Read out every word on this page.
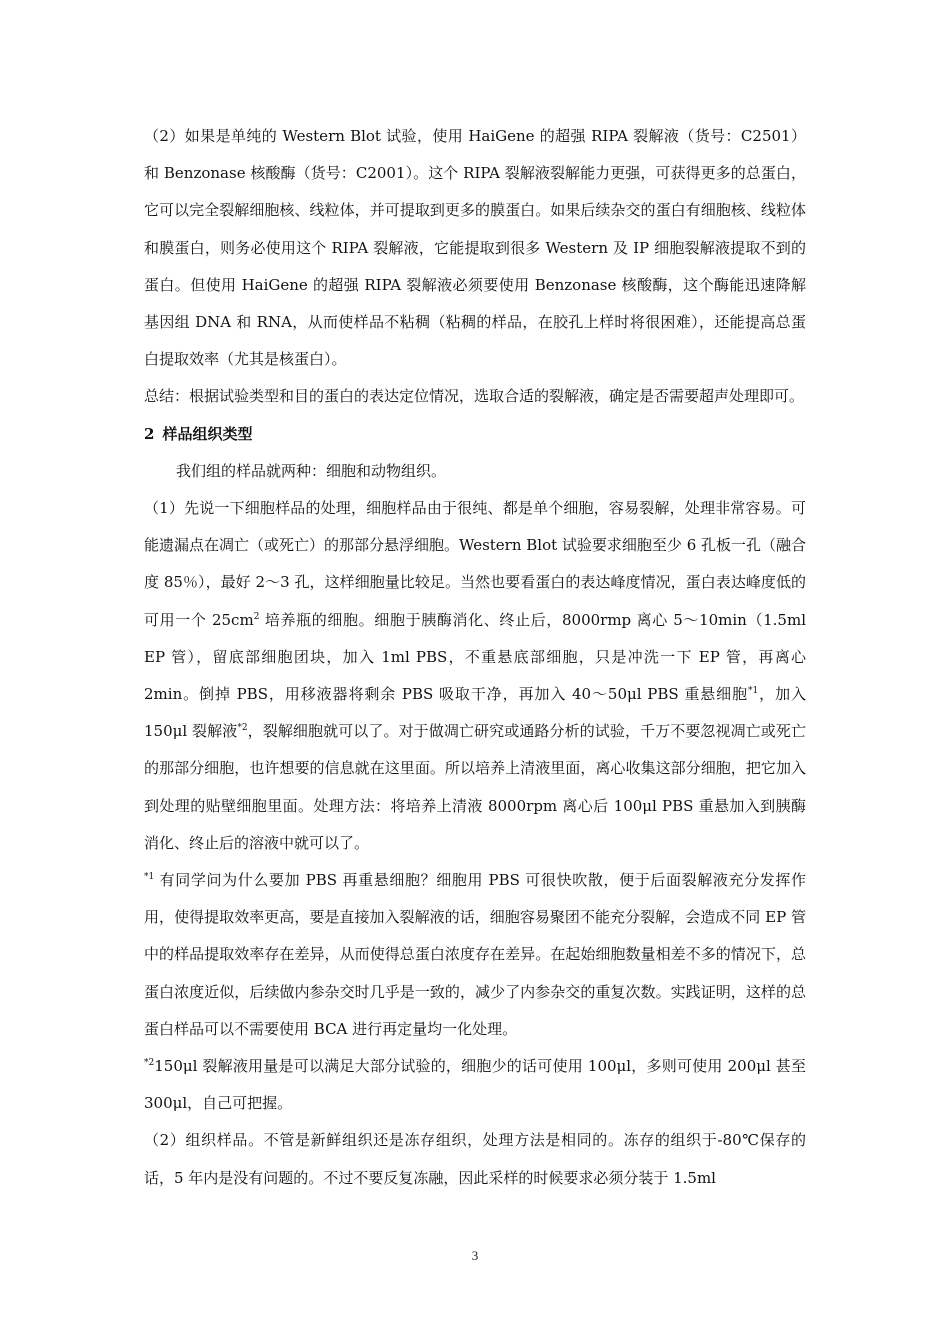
（2）如果是单纯的 Western Blot 试验，使用 HaiGene 的超强 RIPA 裂解液（货号：C2501）和 Benzonase 核酸酶（货号：C2001）。这个 RIPA 裂解液裂解能力更强，可获得更多的总蛋白，它可以完全裂解细胞核、线粒体，并可提取到更多的膜蛋白。如果后续杂交的蛋白有细胞核、线粒体和膜蛋白，则务必使用这个 RIPA 裂解液，它能提取到很多 Western 及 IP 细胞裂解液提取不到的蛋白。但使用 HaiGene 的超强 RIPA 裂解液必须要使用 Benzonase 核酸酶，这个酶能迅速降解基因组 DNA 和 RNA，从而使样品不粘稠（粘稠的样品，在胶孔上样时将很困难），还能提高总蛋白提取效率（尤其是核蛋白）。

总结：根据试验类型和目的蛋白的表达定位情况，选取合适的裂解液，确定是否需要超声处理即可。

2 样品组织类型

我们组的样品就两种：细胞和动物组织。

（1）先说一下细胞样品的处理，细胞样品由于很纯、都是单个细胞，容易裂解，处理非常容易。可能遗漏点在凋亡（或死亡）的那部分悬浮细胞。Western Blot 试验要求细胞至少 6 孔板一孔（融合度 85％），最好 2～3 孔，这样细胞量比较足。当然也要看蛋白的表达峰度情况，蛋白表达峰度低的可用一个 $25cm_2$ 培养瓶的细胞。细胞于胰酶消化、终止后，8000rmp 离心 5～10min（1.5ml EP 管），留底部细胞团块，加入 1ml PBS，不重悬底部细胞，只是冲洗一下 EP 管，再离心 2min。倒掉 PBS，用移液器将剩余 PBS 吸取干净，再加入 40～50μl PBS 重悬细胞$^{*1}$，加入 150μl 裂解液$^{*2}$，裂解细胞就可以了。对于做凋亡研究或通路分析的试验，千万不要忽视凋亡或死亡的那部分细胞，也许想要的信息就在这里面。所以培养上清液里面，离心收集这部分细胞，把它加入到处理的贴壁细胞里面。处理方法：将培养上清液 8000rpm 离心后 100μl PBS 重悬加入到胰酶消化、终止后的溶液中就可以了。

$^{*1}$ 有同学问为什么要加 PBS 再重悬细胞？细胞用 PBS 可很快吹散，便于后面裂解液充分发挥作用，使得提取效率更高，要是直接加入裂解液的话，细胞容易聚团不能充分裂解，会造成不同 EP 管中的样品提取效率存在差异，从而使得总蛋白浓度存在差异。在起始细胞数量相差不多的情况下，总蛋白浓度近似，后续做内参杂交时几乎是一致的，减少了内参杂交的重复次数。实践证明，这样的总蛋白样品可以不需要使用 BCA 进行再定量均一化处理。

$^{*2}$150μl 裂解液用量是可以满足大部分试验的，细胞少的话可使用 100μl，多则可使用 200μl 甚至 300μl，自己可把握。

（2）组织样品。不管是新鲜组织还是冻存组织，处理方法是相同的。冻存的组织于-80℃保存的话，5 年内是没有问题的。不过不要反复冻融，因此采样的时候要求必须分装于 1.5ml

3
